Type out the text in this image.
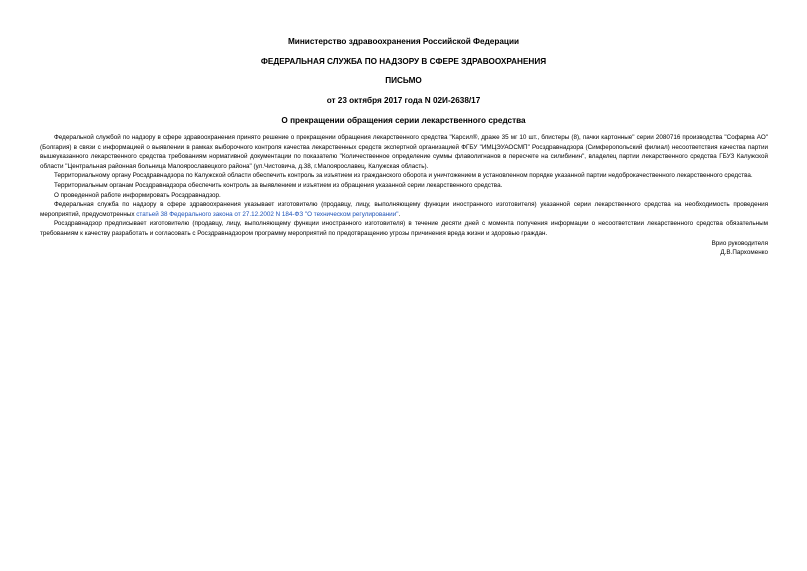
Министерство здравоохранения Российской Федерации
ФЕДЕРАЛЬНАЯ СЛУЖБА ПО НАДЗОРУ В СФЕРЕ ЗДРАВООХРАНЕНИЯ
ПИСЬМО
от 23 октября 2017 года N 02И-2638/17
О прекращении обращения серии лекарственного средства

Федеральной службой по надзору в сфере здравоохранения принято решение о прекращении обращения лекарственного средства "Карсил®, драже 35 мг 10 шт., блистеры (8), пачки картонные" серии 2080716 производства "Софарма АО" (Болгария) в связи с информацией о выявлении в рамках выборочного контроля качества лекарственных средств экспертной организацией ФГБУ "ИМЦЭУАОСМП" Росздравнадзора (Симферопольский филиал) несоответствия качества партии вышеуказанного лекарственного средства требованиям нормативной документации по показателю "Количественное определение суммы флаволигнанов в пересчете на силибинин", владелец партии лекарственного средства ГБУЗ Калужской области "Центральная районная больница Малоярославецкого района" (ул.Чистовича, д.38, г.Малоярославец, Калужская область).

Территориальному органу Росздравнадзора по Калужской области обеспечить контроль за изъятием из гражданского оборота и уничтожением в установленном порядке указанной партии недоброкачественного лекарственного средства.

Территориальным органам Росздравнадзора обеспечить контроль за выявлением и изъятием из обращения указанной серии лекарственного средства.

О проведенной работе информировать Росздравнадзор.

Федеральная служба по надзору в сфере здравоохранения указывает изготовителю (продавцу, лицу, выполняющему функции иностранного изготовителя) указанной серии лекарственного средства на необходимость проведения мероприятий, предусмотренных статьей 38 Федерального закона от 27.12.2002 N 184-ФЗ "О техническом регулировании".

Росздравнадзор предписывает изготовителю (продавцу, лицу, выполняющему функции иностранного изготовителя) в течение десяти дней с момента получения информации о несоответствии лекарственного средства обязательным требованиям к качеству разработать и согласовать с Росздравнадзором программу мероприятий по предотвращению угрозы причинения вреда жизни и здоровью граждан.

Врио руководителя

Д.В.Пархоменко
